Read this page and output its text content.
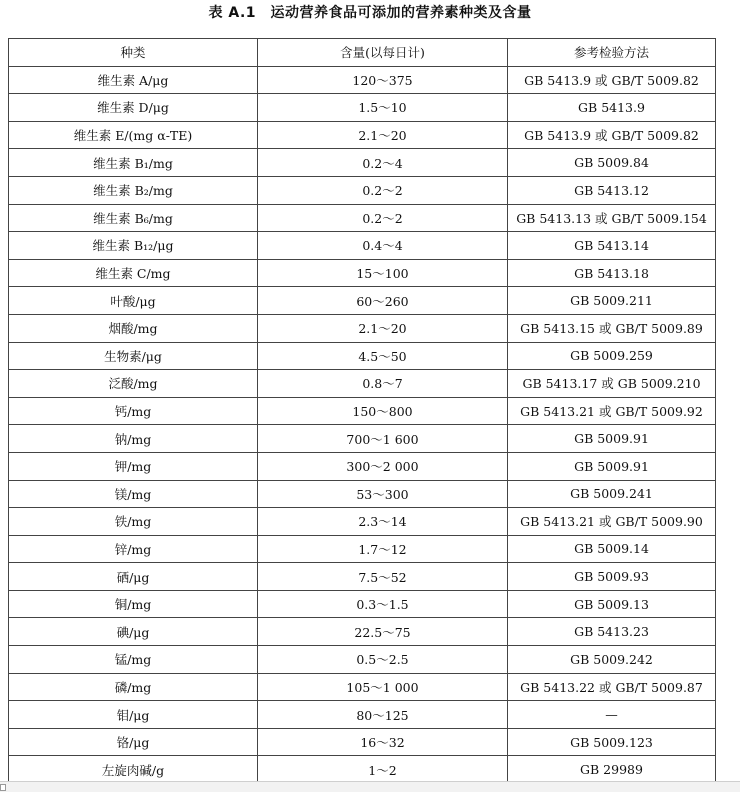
表 A.1　运动营养食品可添加的营养素种类及含量
种类	含量(以每日计)	参考检验方法
维生素 A/μg	120～375	GB 5413.9 或 GB/T 5009.82
维生素 D/μg	1.5～10	GB 5413.9
维生素 E/(mg α-TE)	2.1～20	GB 5413.9 或 GB/T 5009.82
维生素 B₁/mg	0.2～4	GB 5009.84
维生素 B₂/mg	0.2～2	GB 5413.12
维生素 B₆/mg	0.2～2	GB 5413.13 或 GB/T 5009.154
维生素 B₁₂/μg	0.4～4	GB 5413.14
维生素 C/mg	15～100	GB 5413.18
叶酸/μg	60～260	GB 5009.211
烟酸/mg	2.1～20	GB 5413.15 或 GB/T 5009.89
生物素/μg	4.5～50	GB 5009.259
泛酸/mg	0.8～7	GB 5413.17 或 GB 5009.210
钙/mg	150～800	GB 5413.21 或 GB/T 5009.92
钠/mg	700～1 600	GB 5009.91
钾/mg	300～2 000	GB 5009.91
镁/mg	53～300	GB 5009.241
铁/mg	2.3～14	GB 5413.21 或 GB/T 5009.90
锌/mg	1.7～12	GB 5009.14
硒/μg	7.5～52	GB 5009.93
铜/mg	0.3～1.5	GB 5009.13
碘/μg	22.5～75	GB 5413.23
锰/mg	0.5～2.5	GB 5009.242
磷/mg	105～1 000	GB 5413.22 或 GB/T 5009.87
钼/μg	80～125	—
铬/μg	16～32	GB 5009.123
左旋肉碱/g	1～2	GB 29989
